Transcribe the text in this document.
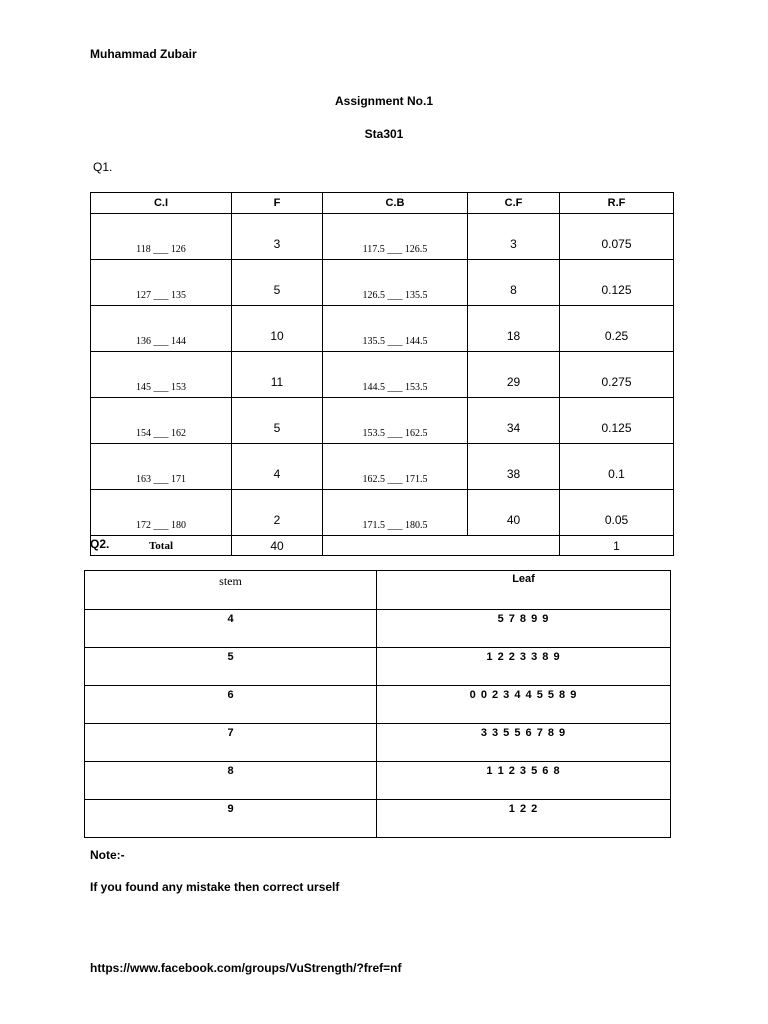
Muhammad Zubair
Assignment No.1
Sta301
Q1.
C.I	F	C.B	C.F	R.F
118 ___ 126	3	117.5 ___ 126.5	3	0.075
127 ___ 135	5	126.5 ___ 135.5	8	0.125
136 ___ 144	10	135.5 ___ 144.5	18	0.25
145 ___ 153	11	144.5 ___ 153.5	29	0.275
154 ___ 162	5	153.5 ___ 162.5	34	0.125
163 ___ 171	4	162.5 ___ 171.5	38	0.1
172 ___ 180	2	171.5 ___ 180.5	40	0.05
Total	40			1
Q2.
stem	Leaf
4	5 7 8 9 9
5	1 2 2 3 3 8 9
6	0 0 2 3 4 4 5 5 8 9
7	3 3 5 5 6 7 8 9
8	1 1 2 3 5 6 8
9	1 2 2
Note:-
If you found any mistake then correct urself
https://www.facebook.com/groups/VuStrength/?fref=nf
